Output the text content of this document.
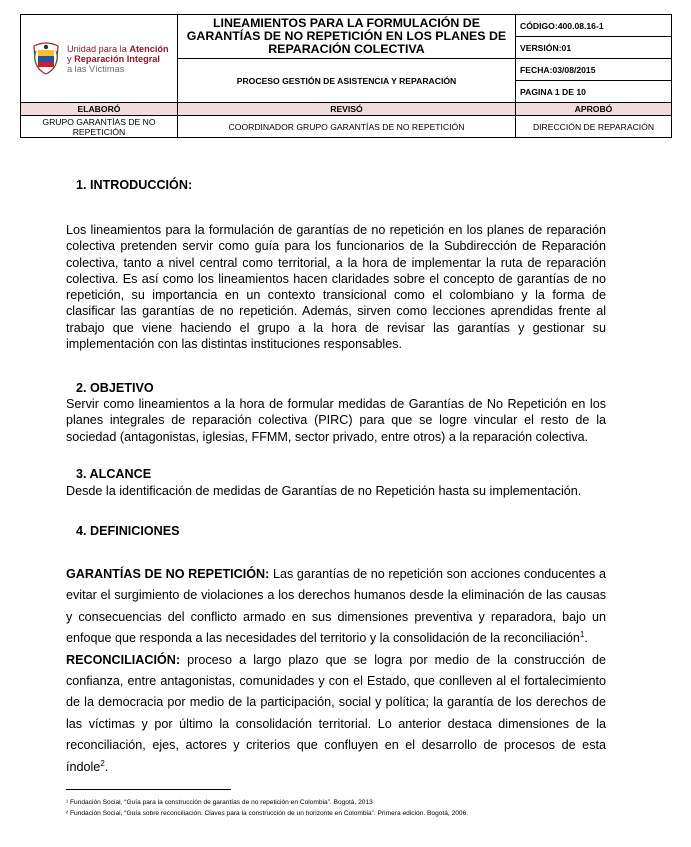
Unidad para la Atención
y Reparación Integral
a las Víctimas	LINEAMIENTOS PARA LA FORMULACIÓN DE GARANTÍAS DE NO REPETICIÓN EN LOS PLANES DE REPARACIÓN COLECTIVA	CÓDIGO:400.08.16-1
		VERSIÓN:01
	PROCESO GESTIÓN DE ASISTENCIA Y REPARACIÓN	FECHA:03/08/2015
		PAGINA 1 DE 10
ELABORÓ	REVISÓ	APROBÓ
GRUPO GARANTÍAS DE NO REPETICIÓN	COORDINADOR GRUPO GARANTÍAS DE NO REPETICIÓN	DIRECCIÓN DE REPARACIÓN
1. INTRODUCCIÓN:
Los lineamientos para la formulación de garantías de no repetición en los planes de reparación colectiva pretenden servir como guía para los funcionarios de la Subdirección de Reparación colectiva, tanto a nivel central como territorial, a la hora de implementar la ruta de reparación colectiva. Es así como los lineamientos hacen claridades sobre el concepto de garantías de no repetición, su importancia en un contexto transicional como el colombiano y la forma de clasificar las garantías de no repetición. Además, sirven como lecciones aprendidas frente al trabajo que viene haciendo el grupo a la hora de revisar las garantías y gestionar su implementación con las distintas instituciones responsables.
2. OBJETIVO
Servir como lineamientos a la hora de formular medidas de Garantías de No Repetición en los planes integrales de reparación colectiva (PIRC) para que se logre vincular el resto de la sociedad (antagonistas, iglesias, FFMM, sector privado, entre otros) a la reparación colectiva.
3. ALCANCE
Desde la identificación de medidas de Garantías de no Repetición hasta su implementación.
4. DEFINICIONES
GARANTÍAS DE NO REPETICIÓN: Las garantías de no repetición son acciones conducentes a evitar el surgimiento de violaciones a los derechos humanos desde la eliminación de las causas y consecuencias del conflicto armado en sus dimensiones preventiva y reparadora, bajo un enfoque que responda a las necesidades del territorio y la consolidación de la reconciliación$^1$.
RECONCILIACIÓN: proceso a largo plazo que se logra por medio de la construcción de confianza, entre antagonistas, comunidades y con el Estado, que conlleven al el fortalecimiento de la democracia por medio de la participación, social y política; la garantía de los derechos de las víctimas y por último la consolidación territorial. Lo anterior destaca dimensiones de la reconciliación, ejes, actores y criterios que confluyen en el desarrollo de procesos de esta índole$^2$.
¹ Fundación Social, “Guía para la construcción de garantías de no repetición en Colombia”. Bogotá, 2013
² Fundación Social, “Guía sobre reconciliación. Claves para la construcción de un horizonte en Colombia”. Primera edición. Bogotá, 2006.
